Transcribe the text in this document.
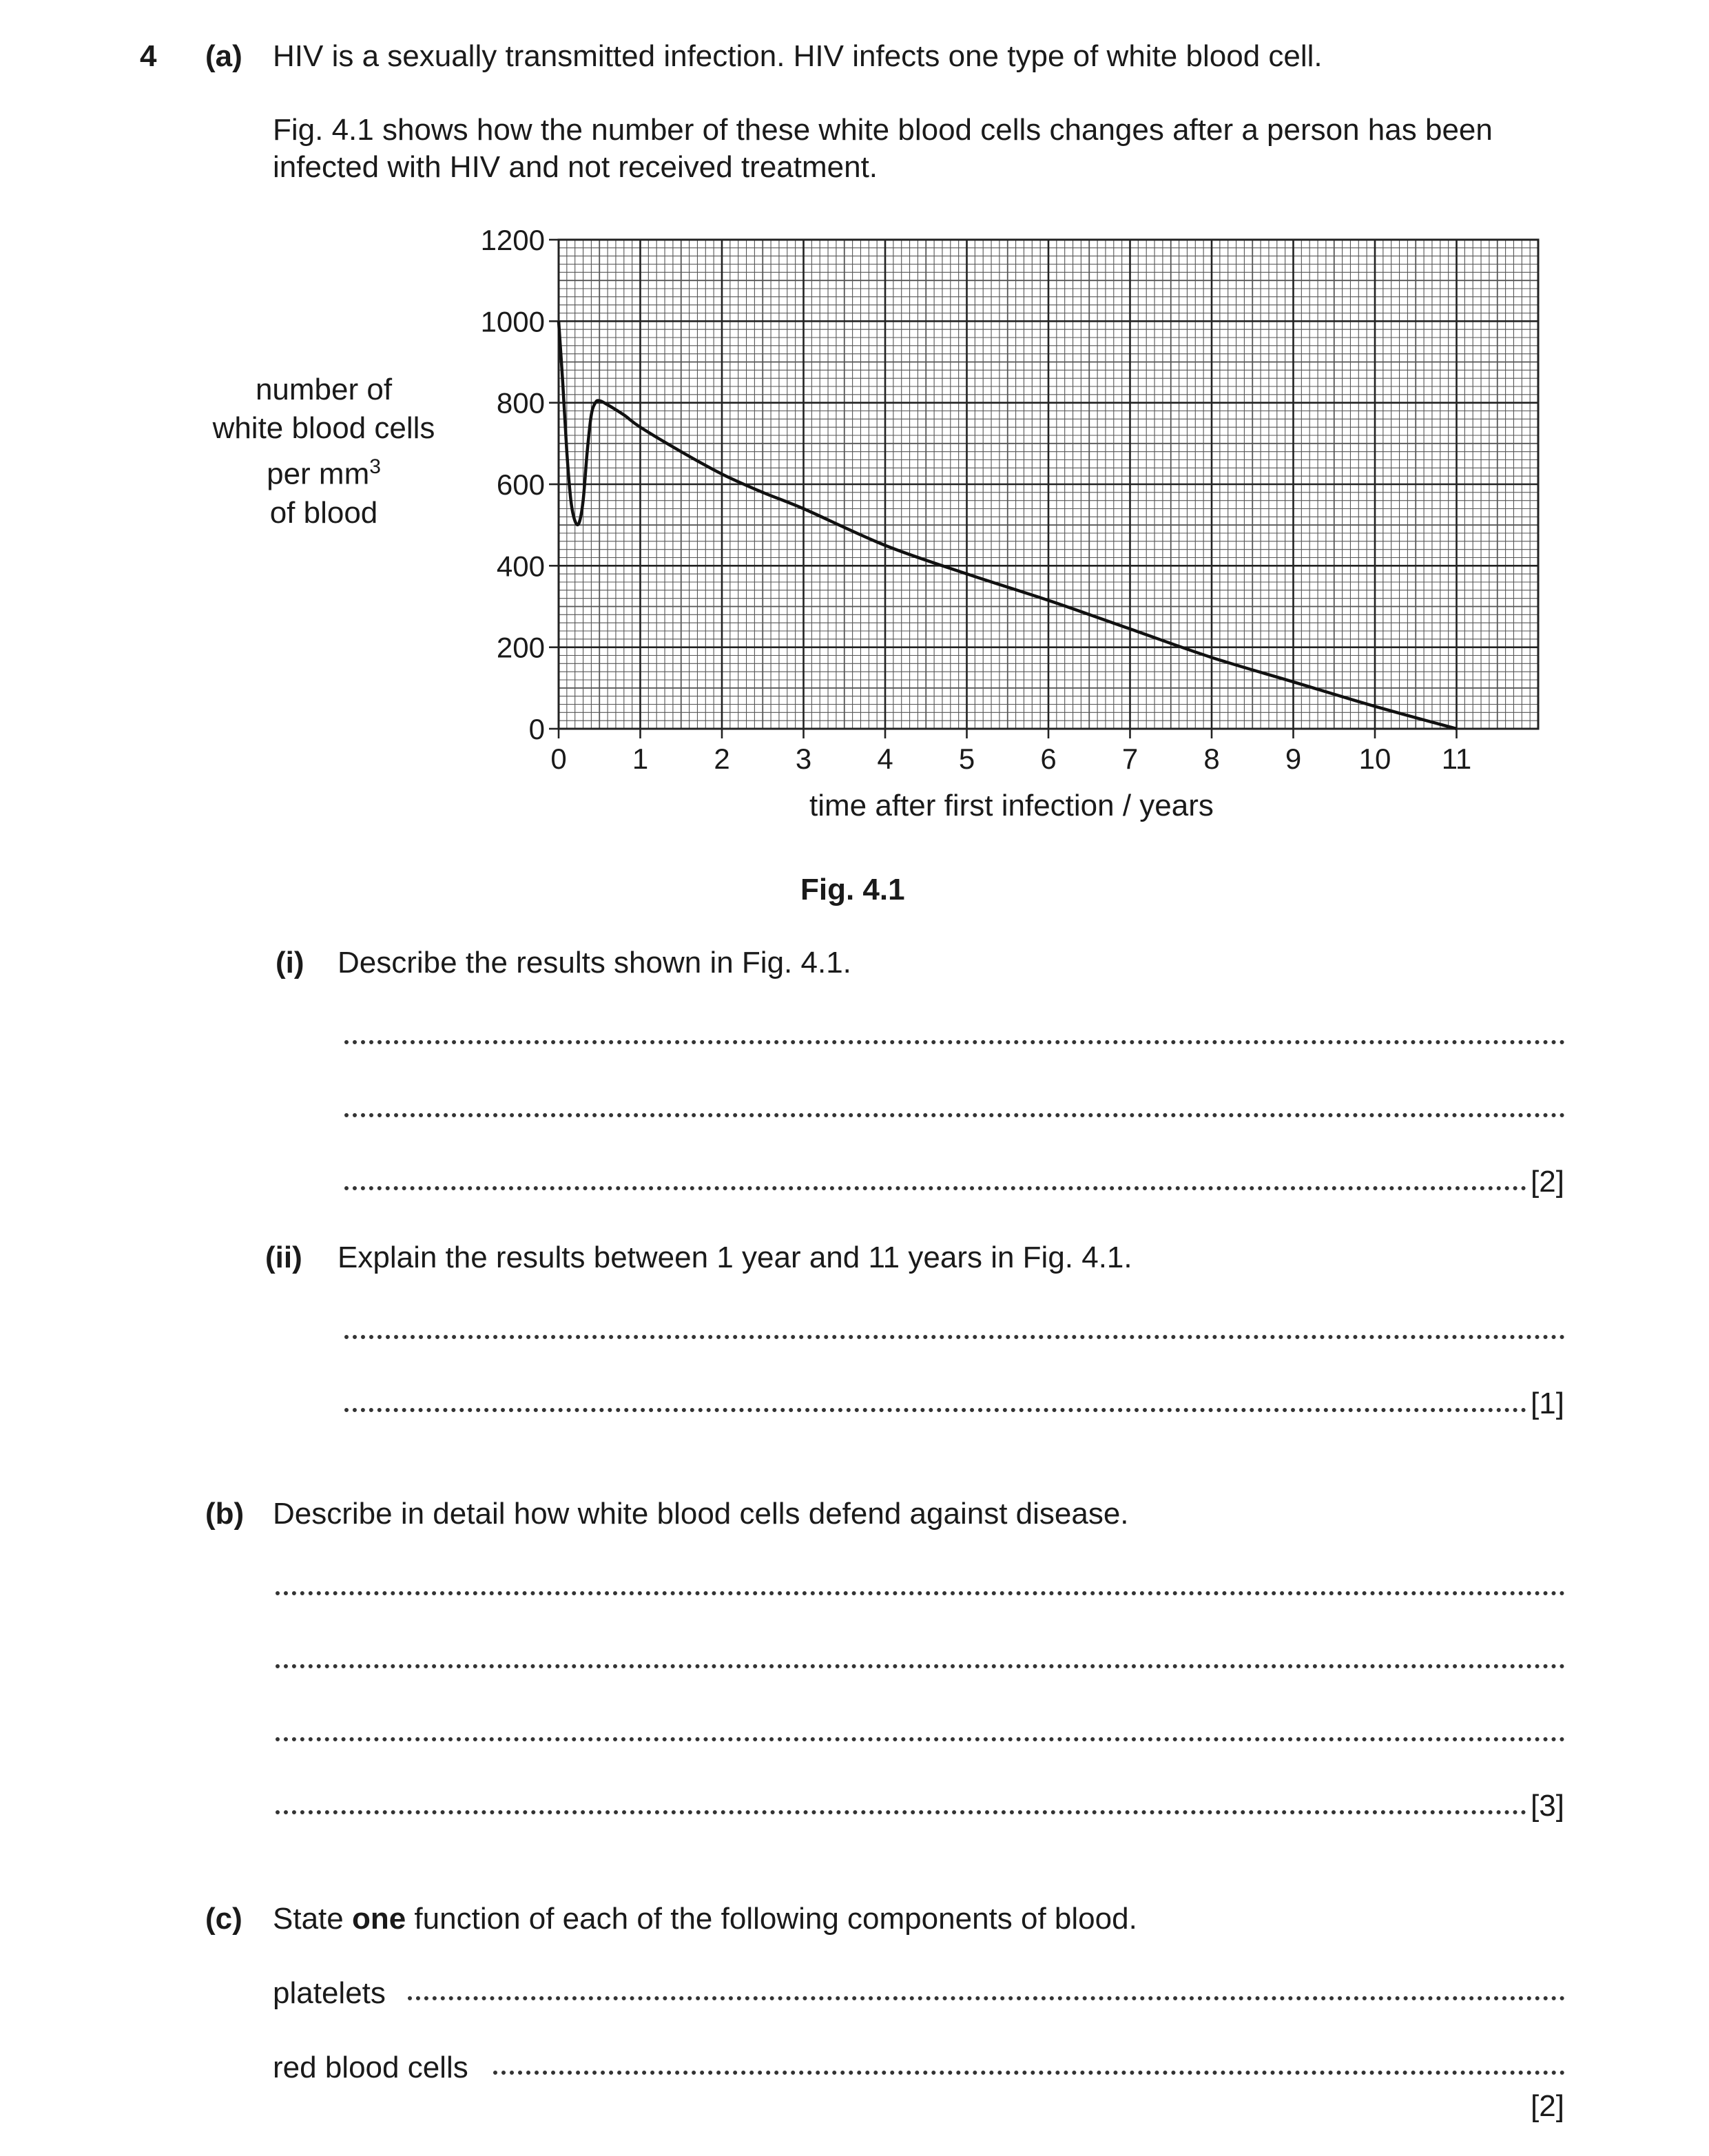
4 (a) HIV is a sexually transmitted infection. HIV infects one type of white blood cell.
Fig. 4.1 shows how the number of these white blood cells changes after a person has been
infected with HIV and not received treatment.
number of
white blood cells
per $mm^3$
of blood
0
200
400
600
800
1000
1200
0 1 2 3 4 5 6 7 8 9 10 11
time after first infection / years
Fig. 4.1
(i) Describe the results shown in Fig. 4.1.
[2]
(ii) Explain the results between 1 year and 11 years in Fig. 4.1.
[1]
(b) Describe in detail how white blood cells defend against disease.
[3]
(c) State one function of each of the following components of blood.
platelets
red blood cells
[2]
